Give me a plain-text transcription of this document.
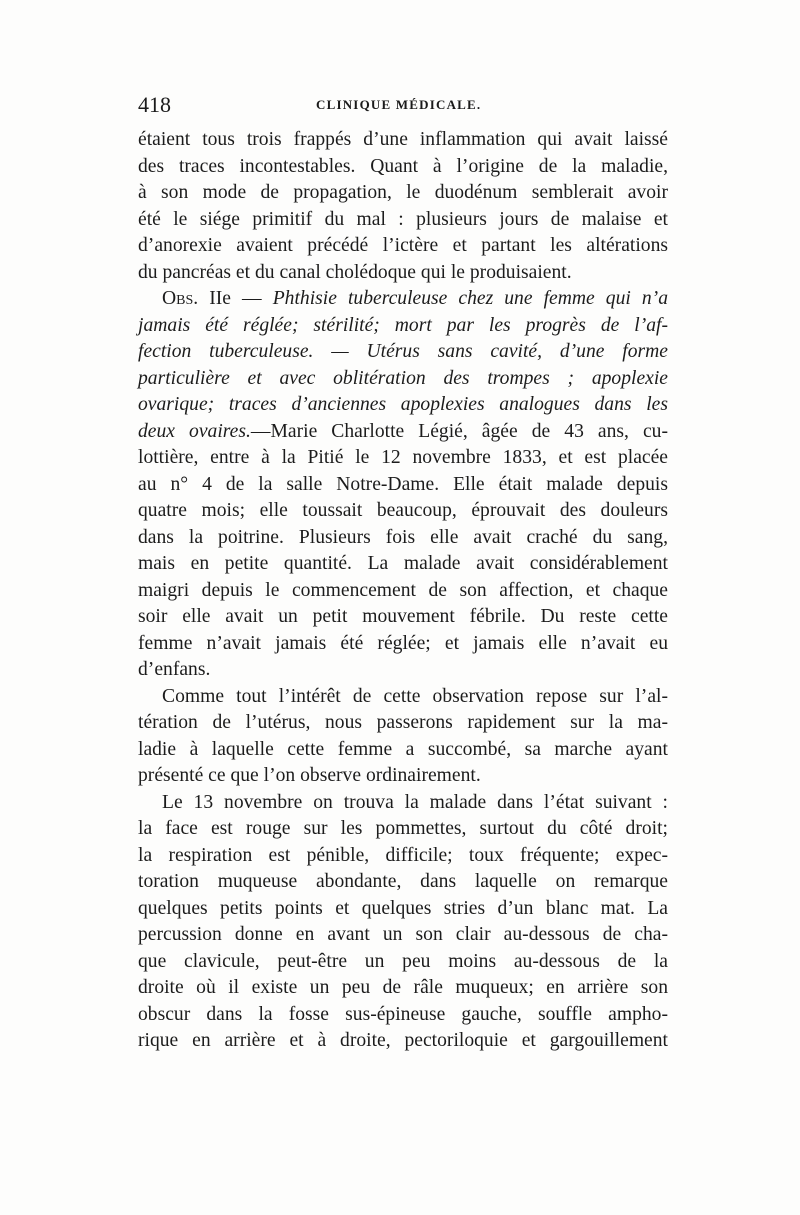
418	CLINIQUE MÉDICALE.
étaient tous trois frappés d’une inflammation qui avait laissé
des traces incontestables. Quant à l’origine de la maladie,
à son mode de propagation, le duodénum semblerait avoir
été le siége primitif du mal : plusieurs jours de malaise et
d’anorexie avaient précédé l’ictère et partant les altérations
du pancréas et du canal cholédoque qui le produisaient.
Obs. IIe — Phthisie tuberculeuse chez une femme qui n’a
jamais été réglée; stérilité; mort par les progrès de l’af-
fection tuberculeuse. — Utérus sans cavité, d’une forme
particulière et avec oblitération des trompes ; apoplexie
ovarique; traces d’anciennes apoplexies analogues dans les
deux ovaires.—Marie Charlotte Légié, âgée de 43 ans, cu-
lottière, entre à la Pitié le 12 novembre 1833, et est placée
au n° 4 de la salle Notre-Dame. Elle était malade depuis
quatre mois; elle toussait beaucoup, éprouvait des douleurs
dans la poitrine. Plusieurs fois elle avait craché du sang,
mais en petite quantité. La malade avait considérablement
maigri depuis le commencement de son affection, et chaque
soir elle avait un petit mouvement fébrile. Du reste cette
femme n’avait jamais été réglée; et jamais elle n’avait eu
d’enfans.
Comme tout l’intérêt de cette observation repose sur l’al-
tération de l’utérus, nous passerons rapidement sur la ma-
ladie à laquelle cette femme a succombé, sa marche ayant
présenté ce que l’on observe ordinairement.
Le 13 novembre on trouva la malade dans l’état suivant :
la face est rouge sur les pommettes, surtout du côté droit;
la respiration est pénible, difficile; toux fréquente; expec-
toration muqueuse abondante, dans laquelle on remarque
quelques petits points et quelques stries d’un blanc mat. La
percussion donne en avant un son clair au-dessous de cha-
que clavicule, peut-être un peu moins au-dessous de la
droite où il existe un peu de râle muqueux; en arrière son
obscur dans la fosse sus-épineuse gauche, souffle ampho-
rique en arrière et à droite, pectoriloquie et gargouillement
